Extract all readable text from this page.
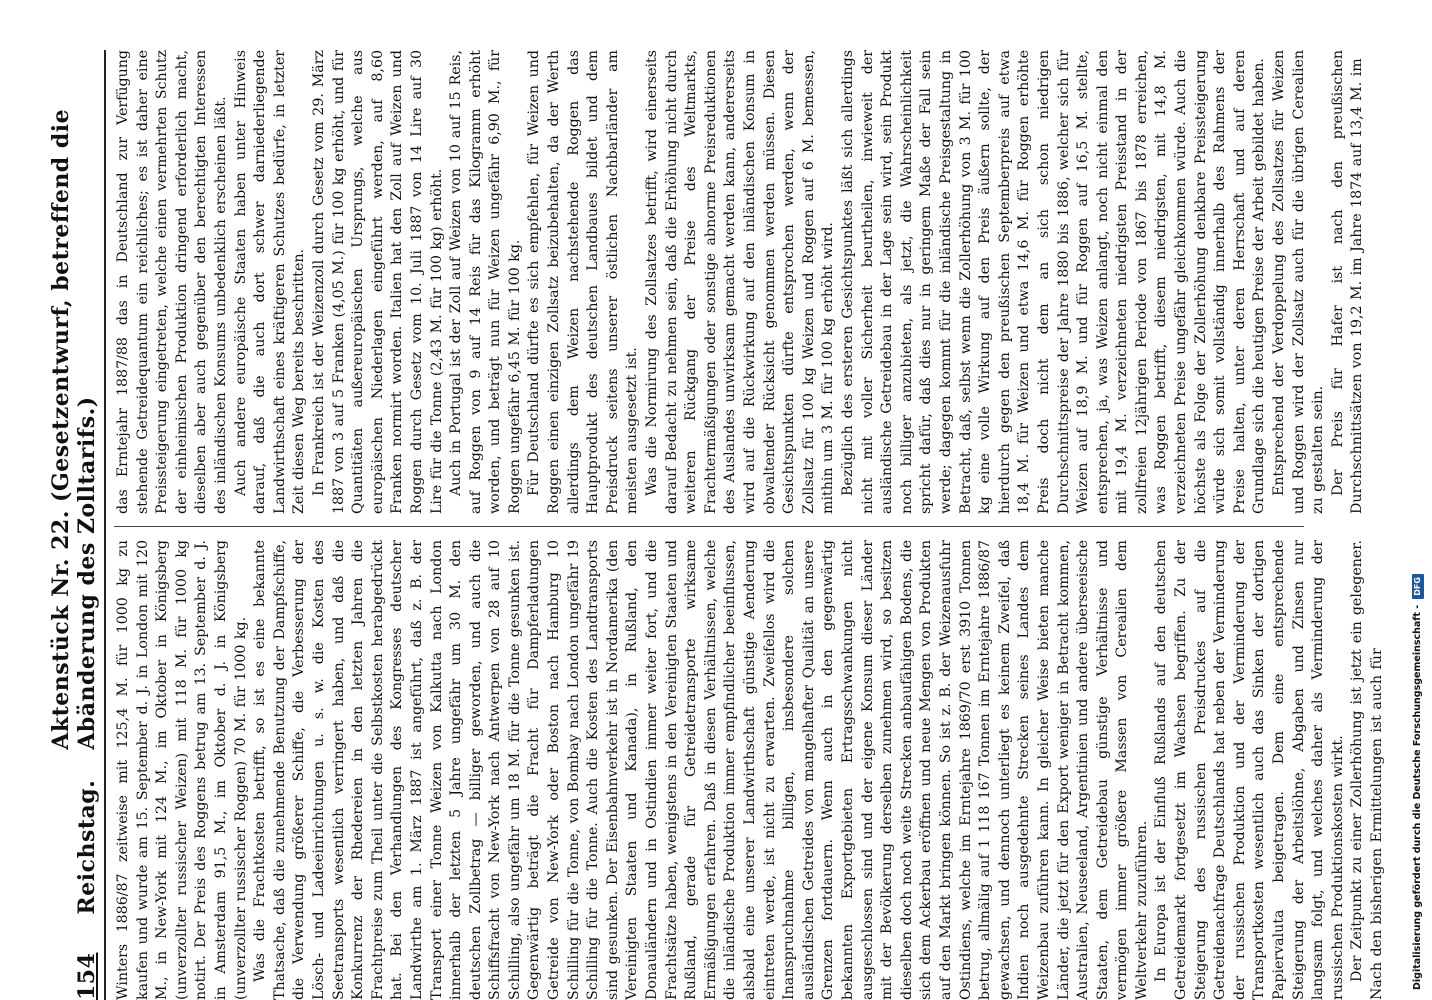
154
Reichstag.
Aktenstück Nr. 22. (Gesetzentwurf, betreffend die Abänderung des Zolltarifs.) Winters 1886/87 zeitweise mit 125,4 M. für 1000 kg zu kaufen und wurde am 15. September d. J. in London mit 120 M., in New-York mit 124 M., im Oktober in Königsberg (unverzollter russischer Weizen) mit 118 M. für 1000 kg notirt. Der Preis des Roggens betrug am 13. September d. J. in Amsterdam 91,5 M., im Oktober d. J. in Königsberg (unverzollter russischer Roggen) 70 M. für 1000 kg. Was die Frachtkosten betrifft, so ist es eine bekannte Thatsache, daß die zunehmende Benutzung der Dampfschiffe, die Verwendung größerer Schiffe, die Verbesserung der Lösch- und Ladeeinrichtungen u. s. w. die Kosten des Seetransports wesentlich verringert haben, und daß die Konkurrenz der Rhedereien in den letzten Jahren die Frachtpreise zum Theil unter die Selbstkosten herabgedrückt hat. Bei den Verhandlungen des Kongresses deutscher Landwirthe am 1. März 1887 ist angeführt, daß z. B. der Transport einer Tonne Weizen von Kalkutta nach London innerhalb der letzten 5 Jahre ungefähr um 30 M. den deutschen Zollbetrag — billiger geworden, und auch die Schiffsfracht von New-York nach Antwerpen von 28 auf 10 Schilling, also ungefähr um 18 M. für die Tonne gesunken ist. Gegenwärtig beträgt die Fracht für Dampferladungen Getreide von New-York oder Boston nach Hamburg 10 Schilling für die Tonne, von Bombay nach London ungefähr 19 Schilling für die Tonne. Auch die Kosten des Landtransports sind gesunken. Der Eisenbahnverkehr ist in Nordamerika (den Vereinigten Staaten und Kanada), in Rußland, den Donauländern und in Ostindien immer weiter fort, und die Frachtsätze haben, wenigstens in den Vereinigten Staaten und Rußland, gerade für Getreidetransporte wirksame Ermäßigungen erfahren. Daß in diesen Verhältnissen, welche die inländische Produktion immer empfindlicher beeinflussen, alsbald eine unserer Landwirthschaft günstige Aenderung eintreten werde, ist nicht zu erwarten. Zweifellos wird die Inanspruchnahme billigen, insbesondere solchen ausländischen Getreides von mangelhafter Qualität an unsere Grenzen fortdauern. Wenn auch in den gegenwärtig bekannten Exportgebieten Ertragsschwankungen nicht ausgeschlossen sind und der eigene Konsum dieser Länder mit der Bevölkerung derselben zunehmen wird, so besitzen dieselben doch noch weite Strecken anbaufähigen Bodens, die sich dem Ackerbau eröffnen und neue Mengen von Produkten auf den Markt bringen können. So ist z. B. der Weizenausfuhr Ostindiens, welche im Erntejahre 1869/70 erst 3910 Tonnen betrug, allmälig auf 1 118 167 Tonnen im Erntejahre 1886/87 gewachsen, und dennoch unterliegt es keinem Zweifel, daß Indien noch ausgedehnte Strecken seines Landes dem Weizenbau zuführen kann. In gleicher Weise bieten manche Länder, die jetzt für den Export weniger in Betracht kommen, Australien, Neuseeland, Argentinien und andere überseeische Staaten, dem Getreidebau günstige Verhältnisse und vermögen immer größere Massen von Cerealien dem Weltverkehr zuzuführen. In Europa ist der Einfluß Rußlands auf den deutschen Getreidemarkt fortgesetzt im Wachsen begriffen. Zu der Steigerung des russischen Preisdruckes auf die Getreidenachfrage Deutschlands hat neben der Verminderung der russischen Produktion und der Verminderung der Transportkosten wesentlich auch das Sinken der dortigen Papiervaluta beigetragen. Dem eine entsprechende Steigerung der Arbeitslöhne, Abgaben und Zinsen nur langsam folgt, und welches daher als Verminderung der russischen Produktionskosten wirkt. Der Zeitpunkt zu einer Zollerhöhung ist jetzt ein gelegener. Nach den bisherigen Ermittelungen ist auch für

das Erntejahr 1887/88 das in Deutschland zur Verfügung stehende Getreidequantum ein reichliches; es ist daher eine Preissteigerung eingetreten, welche einen vermehrten Schutz der einheimischen Produktion dringend erforderlich macht, dieselben aber auch gegenüber den berechtigten Interessen des inländischen Konsums unbedenklich erscheinen läßt. Auch andere europäische Staaten haben unter Hinweis darauf, daß die auch dort schwer darniederliegende Landwirthschaft eines kräftigeren Schutzes bedürfe, in letzter Zeit diesen Weg bereits beschritten. In Frankreich ist der Weizenzoll durch Gesetz vom 29. März 1887 von 3 auf 5 Franken (4,05 M.) für 100 kg erhöht, und für Quantitäten außereuropäischen Ursprungs, welche aus europäischen Niederlagen eingeführt werden, auf 8,60 Franken normirt worden. Italien hat den Zoll auf Weizen und Roggen durch Gesetz vom 10. Juli 1887 von 14 Lire auf 30 Lire für die Tonne (2,43 M. für 100 kg) erhöht. Auch in Portugal ist der Zoll auf Weizen von 10 auf 15 Reis, auf Roggen von 9 auf 14 Reis für das Kilogramm erhöht worden, und beträgt nun für Weizen ungefähr 6,90 M., für Roggen ungefähr 6,45 M. für 100 kg. Für Deutschland dürfte es sich empfehlen, für Weizen und Roggen einen einzigen Zollsatz beizubehalten, da der Werth allerdings dem Weizen nachstehende Roggen das Hauptprodukt des deutschen Landbaues bildet und dem Preisdruck seitens unserer östlichen Nachbarländer am meisten ausgesetzt ist. Was die Normirung des Zollsatzes betrifft, wird einerseits darauf Bedacht zu nehmen sein, daß die Erhöhung nicht durch weiteren Rückgang der Preise des Weltmarkts, Frachtermäßigungen oder sonstige abnorme Preisreduktionen des Auslandes unwirksam gemacht werden kann, andererseits wird auf die Rückwirkung auf den inländischen Konsum in obwaltender Rücksicht genommen werden müssen. Diesen Gesichtspunkten dürfte entsprochen werden, wenn der Zollsatz für 100 kg Weizen und Roggen auf 6 M. bemessen, mithin um 3 M. für 100 kg erhöht wird. Bezüglich des ersteren Gesichtspunktes läßt sich allerdings nicht mit voller Sicherheit beurtheilen, inwieweit der ausländische Getreidebau in der Lage sein wird, sein Produkt noch billiger anzubieten, als jetzt, die Wahrscheinlichkeit spricht dafür, daß dies nur in geringem Maße der Fall sein werde; dagegen kommt für die inländische Preisgestaltung in Betracht, daß, selbst wenn die Zollerhöhung von 3 M. für 100 kg eine volle Wirkung auf den Preis äußern sollte, der hierdurch gegen den preußischen Septemberpreis auf etwa 18,4 M. für Weizen und etwa 14,6 M. für Roggen erhöhte Preis doch nicht dem an sich schon niedrigen Durchschnittspreise der Jahre 1880 bis 1886, welcher sich für Weizen auf 18,9 M. und für Roggen auf 16,5 M. stellte, entsprechen, ja, was Weizen anlangt, noch nicht einmal den mit 19,4 M. verzeichneten niedrigsten Preisstand in der zollfreien 12jährigen Periode von 1867 bis 1878 erreichen, was Roggen betrifft, diesem niedrigsten, mit 14,8 M. verzeichneten Preise ungefähr gleichkommen würde. Auch die höchste als Folge der Zollerhöhung denkbare Preissteigerung würde sich somit vollständig innerhalb des Rahmens der Preise halten, unter deren Herrschaft und auf deren Grundlage sich die heutigen Preise der Arbeit gebildet haben. Entsprechend der Verdoppelung des Zollsatzes für Weizen und Roggen wird der Zollsatz auch für die übrigen Cerealien zu gestalten sein. Der Preis für Hafer ist nach den preußischen Durchschnittsätzen von 19,2 M. im Jahre 1874 auf 13,4 M. im

Digitalisierung gefördert durch die Deutsche Forschungsgemeinschaft -
DFG
